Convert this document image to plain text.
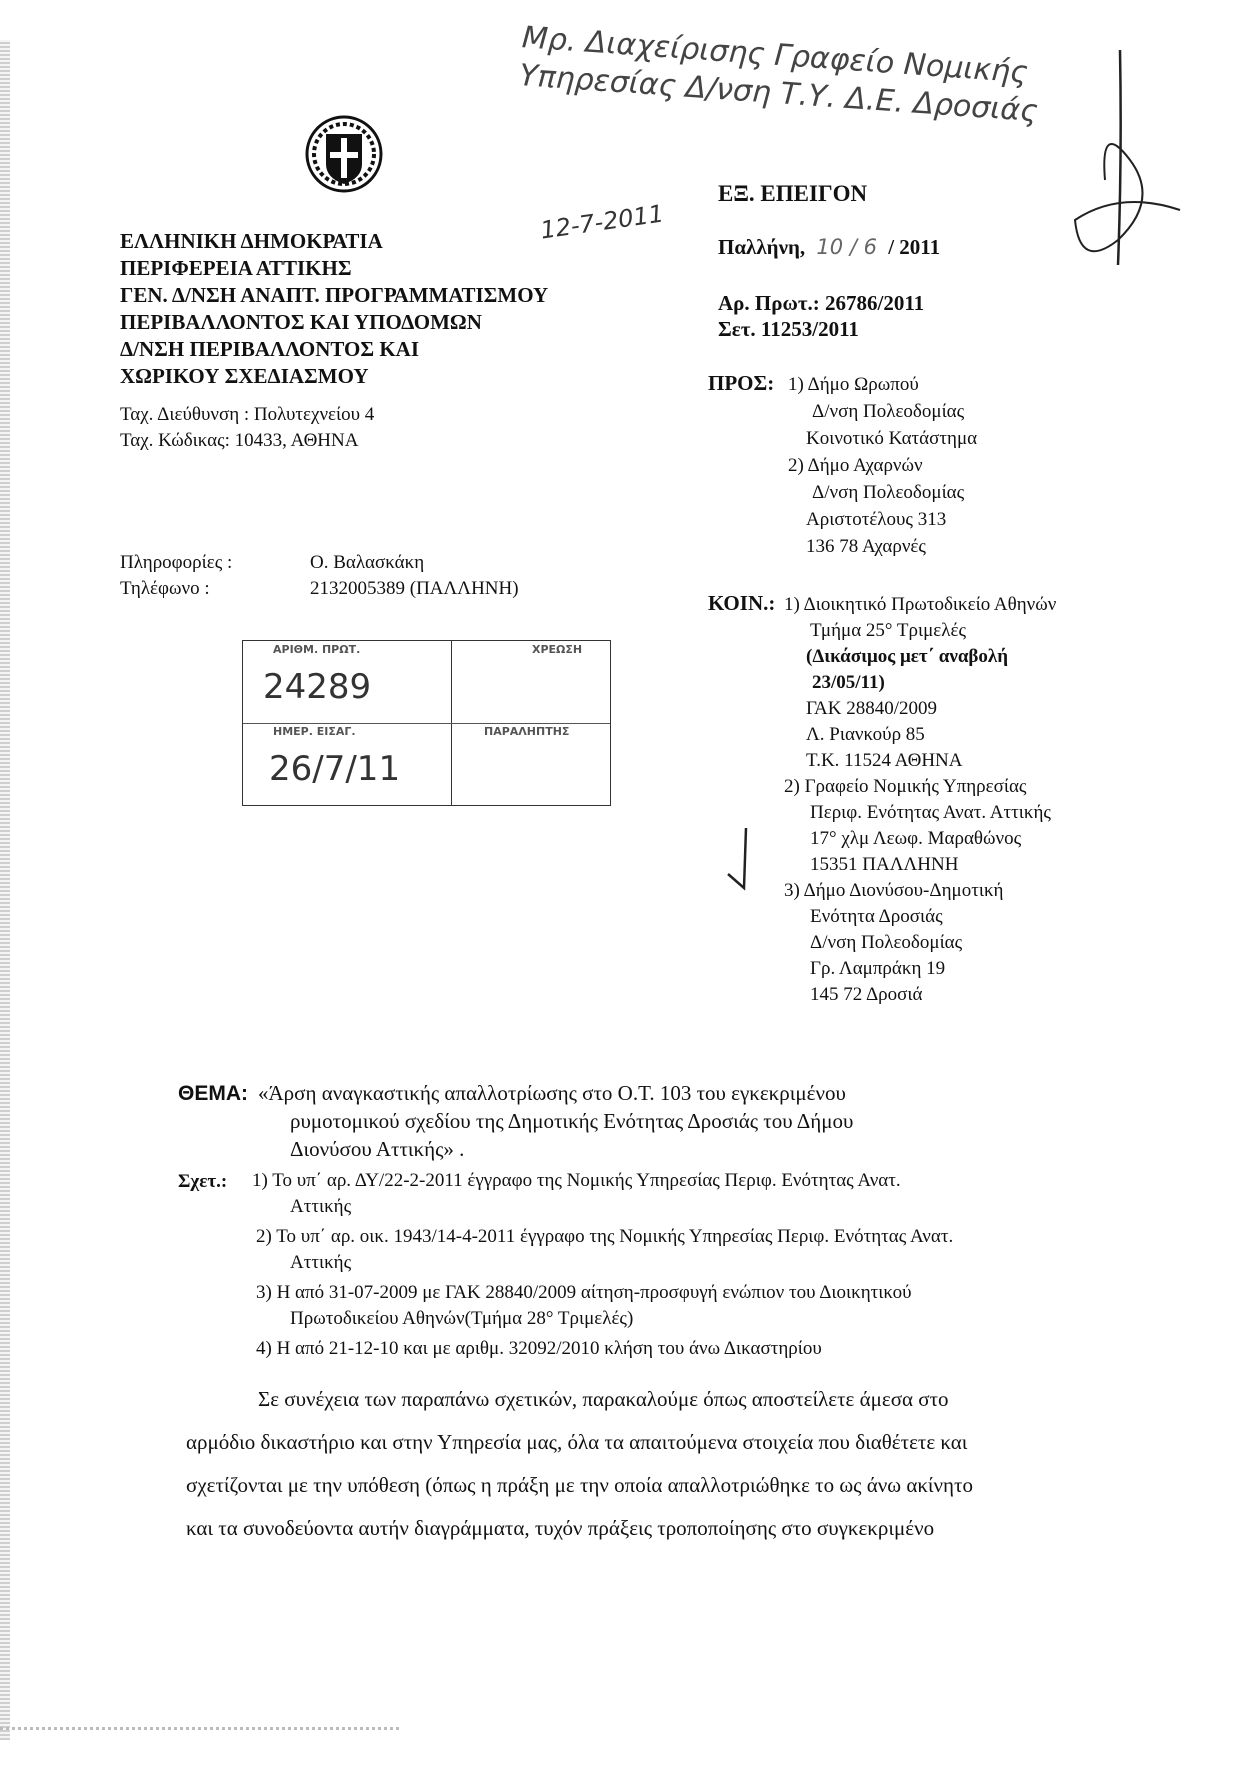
Μρ. Διαχείρισης Γραφείο Νομικής Υπηρεσίας Δ/νση Τ.Υ. Δ.Ε. Δροσιάς
12-7-2011
ΕΞ. ΕΠΕΙΓΟΝ
ΕΛΛΗΝΙΚΗ ΔΗΜΟΚΡΑΤΙΑ
ΠΕΡΙΦΕΡΕΙΑ ΑΤΤΙΚΗΣ
ΓΕΝ. Δ/ΝΣΗ ΑΝΑΠΤ. ΠΡΟΓΡΑΜΜΑΤΙΣΜΟΥ
ΠΕΡΙΒΑΛΛΟΝΤΟΣ ΚΑΙ ΥΠΟΔΟΜΩΝ
Δ/ΝΣΗ ΠΕΡΙΒΑΛΛΟΝΤΟΣ ΚΑΙ
ΧΩΡΙΚΟΥ ΣΧΕΔΙΑΣΜΟΥ
Ταχ. Διεύθυνση : Πολυτεχνείου 4
Ταχ. Κώδικας: 10433, ΑΘΗΝΑ
Πληροφορίες :	Ο. Βαλασκάκη
Τηλέφωνο :	2132005389 (ΠΑΛΛΗΝΗ)
Παλλήνη, 10 / 6 / 2011
Αρ. Πρωτ.: 26786/2011
Σετ. 11253/2011
ΠΡΟΣ: 1) Δήμο Ωρωπού
Δ/νση Πολεοδομίας
Κοινοτικό Κατάστημα
2) Δήμο Αχαρνών
Δ/νση Πολεοδομίας
Αριστοτέλους 313
136 78 Αχαρνές
ΚΟΙΝ.: 1) Διοικητικό Πρωτοδικείο Αθηνών
Τμήμα 25° Τριμελές
(Δικάσιμος μετ΄ αναβολή
23/05/11)
ΓΑΚ 28840/2009
Λ. Ριανκούρ 85
Τ.Κ. 11524 ΑΘΗΝΑ
2) Γραφείο Νομικής Υπηρεσίας
Περιφ. Ενότητας Ανατ. Αττικής
17° χλμ Λεωφ. Μαραθώνος
15351 ΠΑΛΛΗΝΗ
3) Δήμο Διονύσου-Δημοτική
Ενότητα Δροσιάς
Δ/νση Πολεοδομίας
Γρ. Λαμπράκη 19
145 72 Δροσιά
ΑΡΙΘΜ. ΠΡΩΤ.
24289
ΗΜΕΡ. ΕΙΣΑΓ.
26/7/11
ΧΡΕΩΣΗ
ΠΑΡΑΛΗΠΤΗΣ
ΘΕΜΑ: «Άρση αναγκαστικής απαλλοτρίωσης στο Ο.Τ. 103 του εγκεκριμένου
ρυμοτομικού σχεδίου της Δημοτικής Ενότητας Δροσιάς του Δήμου
Διονύσου Αττικής» .
Σχετ.: 1) Το υπ΄ αρ. ΔΥ/22-2-2011 έγγραφο της Νομικής Υπηρεσίας Περιφ. Ενότητας Ανατ.
Αττικής
2) Το υπ΄ αρ. οικ. 1943/14-4-2011 έγγραφο της Νομικής Υπηρεσίας Περιφ. Ενότητας Ανατ.
Αττικής
3) Η από 31-07-2009 με ΓΑΚ 28840/2009 αίτηση-προσφυγή ενώπιον του Διοικητικού
Πρωτοδικείου Αθηνών(Τμήμα 28° Τριμελές)
4) Η από 21-12-10 και με αριθμ. 32092/2010 κλήση του άνω Δικαστηρίου
Σε συνέχεια των παραπάνω σχετικών, παρακαλούμε όπως αποστείλετε άμεσα στο
αρμόδιο δικαστήριο και στην Υπηρεσία μας, όλα τα απαιτούμενα στοιχεία που διαθέτετε και
σχετίζονται με την υπόθεση (όπως η πράξη με την οποία απαλλοτριώθηκε το ως άνω ακίνητο
και τα συνοδεύοντα αυτήν διαγράμματα, τυχόν πράξεις τροποποίησης στο συγκεκριμένο
